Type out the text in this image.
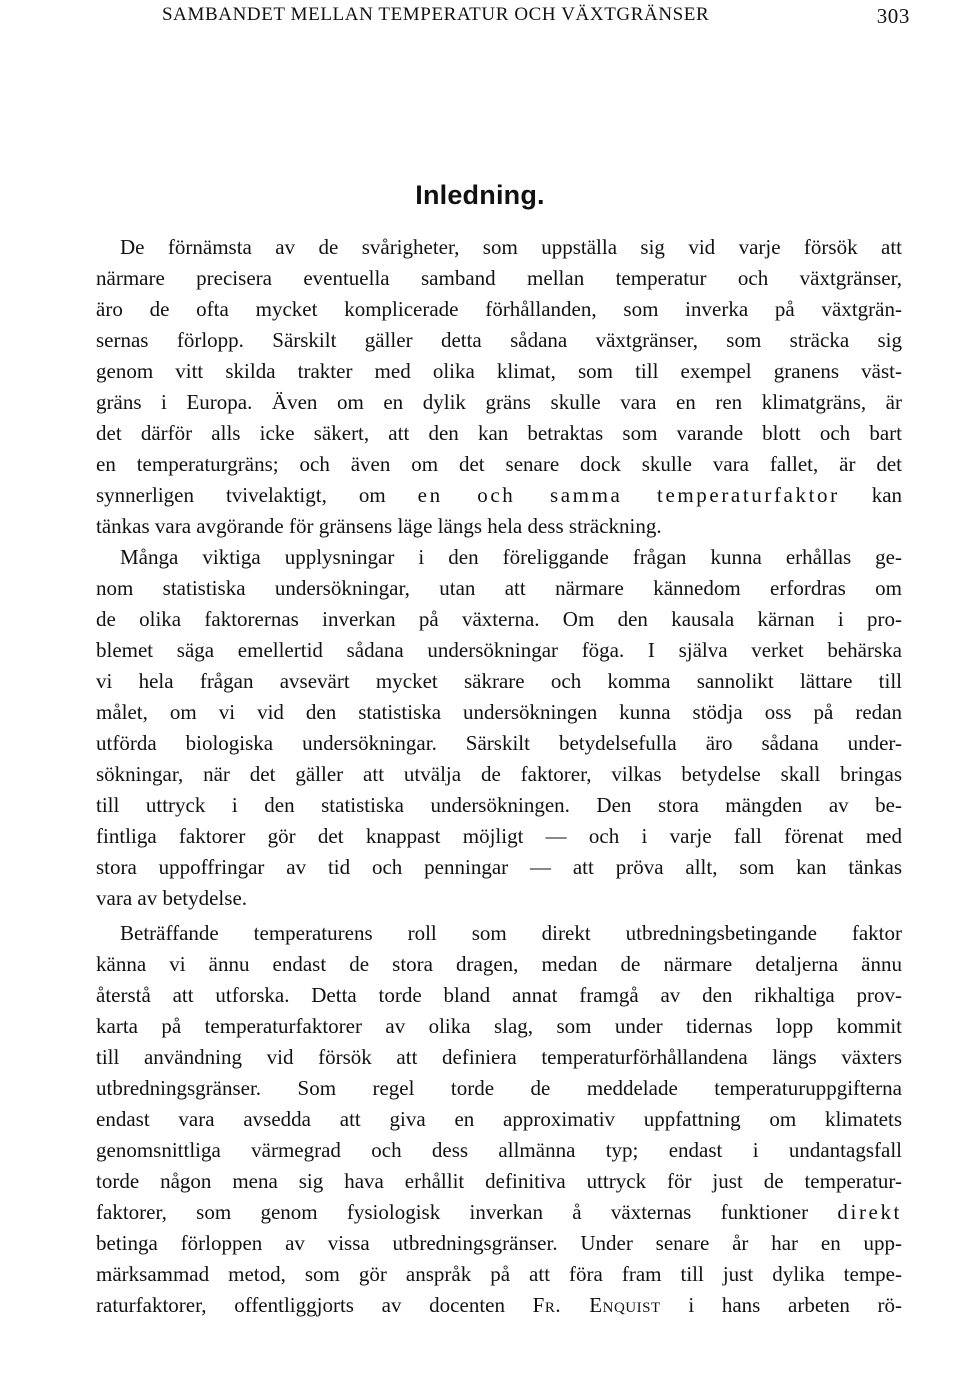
SAMBANDET MELLAN TEMPERATUR OCH VÄXTGRÄNSER	303
Inledning.
De förnämsta av de svårigheter, som uppställa sig vid varje försök att
närmare precisera eventuella samband mellan temperatur och växtgränser,
äro de ofta mycket komplicerade förhållanden, som inverka på växtgrän-
sernas förlopp. Särskilt gäller detta sådana växtgränser, som sträcka sig
genom vitt skilda trakter med olika klimat, som till exempel granens väst-
gräns i Europa. Även om en dylik gräns skulle vara en ren klimatgräns, är
det därför alls icke säkert, att den kan betraktas som varande blott och bart
en temperaturgräns; och även om det senare dock skulle vara fallet, är det
synnerligen tvivelaktigt, om en och samma temperaturfaktor kan
tänkas vara avgörande för gränsens läge längs hela dess sträckning.
Många viktiga upplysningar i den föreliggande frågan kunna erhållas ge-
nom statistiska undersökningar, utan att närmare kännedom erfordras om
de olika faktorernas inverkan på växterna. Om den kausala kärnan i pro-
blemet säga emellertid sådana undersökningar föga. I själva verket behärska
vi hela frågan avsevärt mycket säkrare och komma sannolikt lättare till
målet, om vi vid den statistiska undersökningen kunna stödja oss på redan
utförda biologiska undersökningar. Särskilt betydelsefulla äro sådana under-
sökningar, när det gäller att utvälja de faktorer, vilkas betydelse skall bringas
till uttryck i den statistiska undersökningen. Den stora mängden av be-
fintliga faktorer gör det knappast möjligt — och i varje fall förenat med
stora uppoffringar av tid och penningar — att pröva allt, som kan tänkas
vara av betydelse.
Beträffande temperaturens roll som direkt utbredningsbetingande faktor
känna vi ännu endast de stora dragen, medan de närmare detaljerna ännu
återstå att utforska. Detta torde bland annat framgå av den rikhaltiga prov-
karta på temperaturfaktorer av olika slag, som under tidernas lopp kommit
till användning vid försök att definiera temperaturförhållandena längs växters
utbredningsgränser. Som regel torde de meddelade temperaturuppgifterna
endast vara avsedda att giva en approximativ uppfattning om klimatets
genomsnittliga värmegrad och dess allmänna typ; endast i undantagsfall
torde någon mena sig hava erhållit definitiva uttryck för just de temperatur-
faktorer, som genom fysiologisk inverkan å växternas funktioner direkt
betinga förloppen av vissa utbredningsgränser. Under senare år har en upp-
märksammad metod, som gör anspråk på att föra fram till just dylika tempe-
raturfaktorer, offentliggjorts av docenten Fr. Enquist i hans arbeten rö-
